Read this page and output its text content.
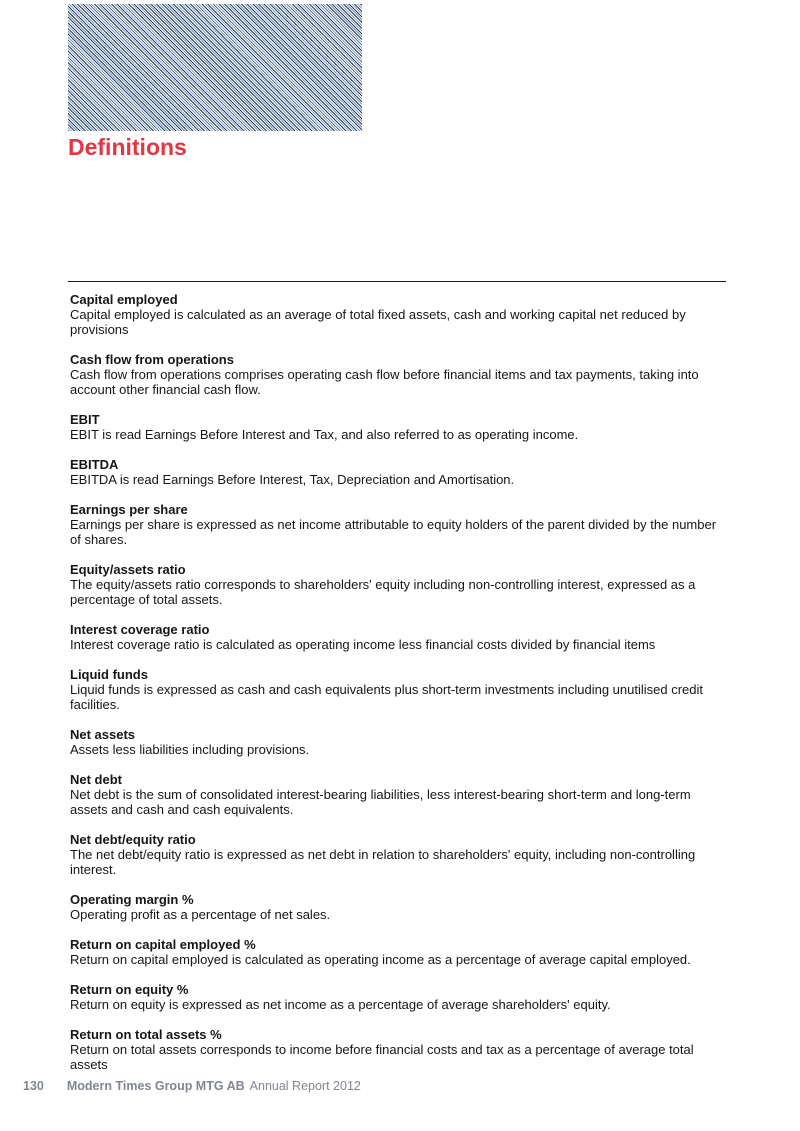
Definitions
Capital employed
Capital employed is calculated as an average of total fixed assets, cash and working capital net reduced by provisions
Cash flow from operations
Cash flow from operations comprises operating cash flow before financial items and tax payments, taking into account other financial cash flow.
EBIT
EBIT is read Earnings Before Interest and Tax, and also referred to as operating income.
EBITDA
EBITDA is read Earnings Before Interest, Tax, Depreciation and Amortisation.
Earnings per share
Earnings per share is expressed as net income attributable to equity holders of the parent divided by the number of shares.
Equity/assets ratio
The equity/assets ratio corresponds to shareholders' equity including non-controlling interest, expressed as a percentage of total assets.
Interest coverage ratio
Interest coverage ratio is calculated as operating income less financial costs divided by financial items
Liquid funds
Liquid funds is expressed as cash and cash equivalents plus short-term investments including unutilised credit facilities.
Net assets
Assets less liabilities including provisions.
Net debt
Net debt is the sum of consolidated interest-bearing liabilities, less interest-bearing short-term and long-term assets and cash and cash equivalents.
Net debt/equity ratio
The net debt/equity ratio is expressed as net debt in relation to shareholders' equity, including non-controlling interest.
Operating margin %
Operating profit as a percentage of net sales.
Return on capital employed %
Return on capital employed is calculated as operating income as a percentage of average capital employed.
Return on equity %
Return on equity is expressed as net income as a percentage of average shareholders' equity.
Return on total assets %
Return on total assets corresponds to income before financial costs and tax as a percentage of average total assets
130 Modern Times Group MTG AB Annual Report 2012
